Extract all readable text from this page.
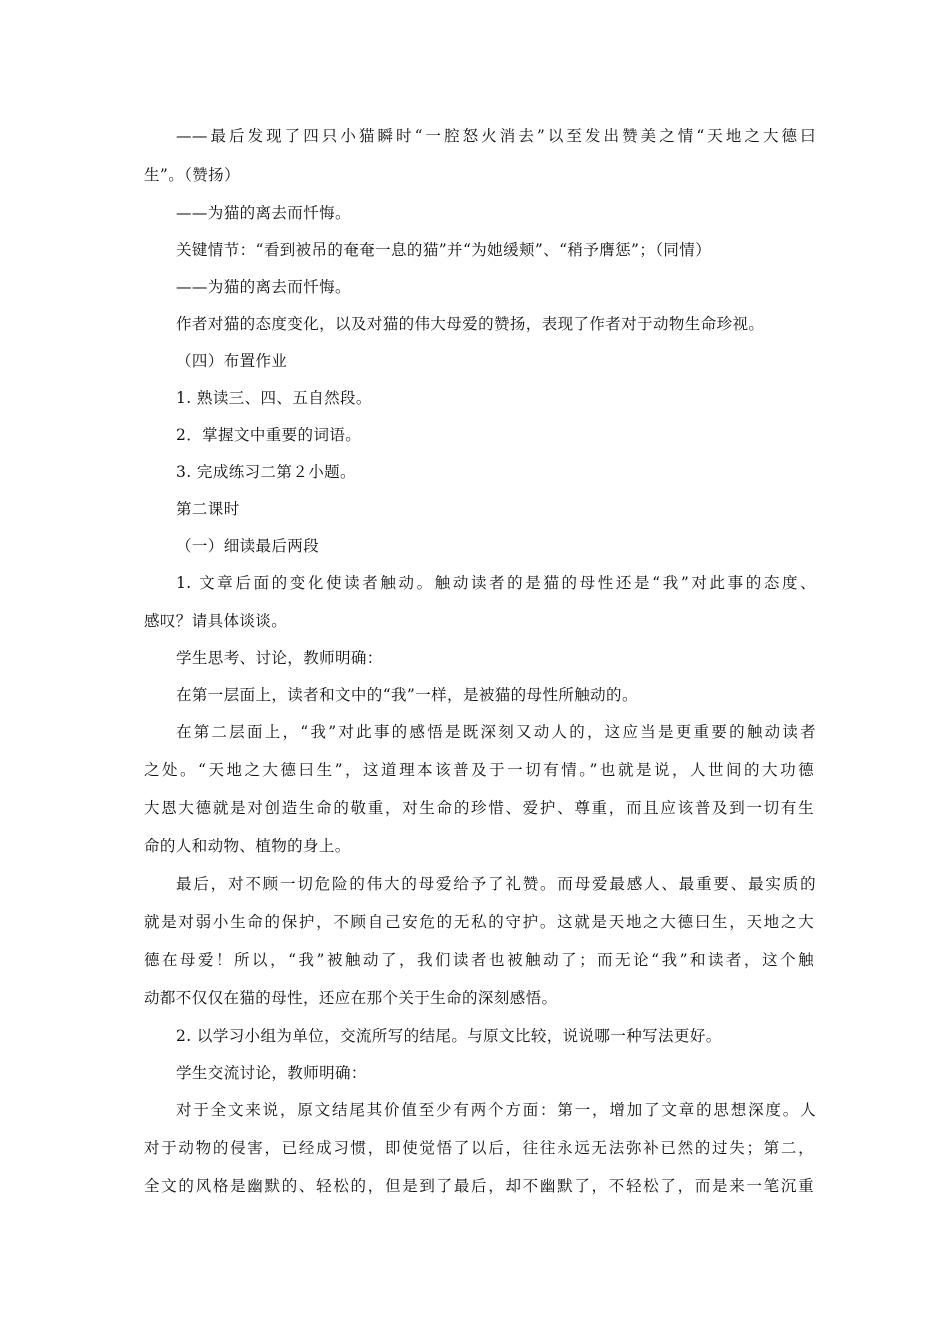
——最后发现了四只小猫瞬时“一腔怒火消去”以至发出赞美之情“天地之大德曰
生”。（赞扬）
——为猫的离去而忏悔。
关键情节：“看到被吊的奄奄一息的猫”并“为她缓颊”、“稍予膺惩”；（同情）
——为猫的离去而忏悔。
作者对猫的态度变化，以及对猫的伟大母爱的赞扬，表现了作者对于动物生命珍视。
（四）布置作业
1. 熟读三、四、五自然段。
2．掌握文中重要的词语。
3. 完成练习二第２小题。
第二课时
（一）细读最后两段
1. 文章后面的变化使读者触动。触动读者的是猫的母性还是“我”对此事的态度、
感叹？请具体谈谈。
学生思考、讨论，教师明确：
在第一层面上，读者和文中的“我”一样，是被猫的母性所触动的。
在第二层面上，“我”对此事的感悟是既深刻又动人的，这应当是更重要的触动读者
之处。“天地之大德曰生”，这道理本该普及于一切有情。”也就是说，人世间的大功德
大恩大德就是对创造生命的敬重，对生命的珍惜、爱护、尊重，而且应该普及到一切有生
命的人和动物、植物的身上。
最后，对不顾一切危险的伟大的母爱给予了礼赞。而母爱最感人、最重要、最实质的
就是对弱小生命的保护，不顾自己安危的无私的守护。这就是天地之大德曰生，天地之大
德在母爱！所以，“我”被触动了，我们读者也被触动了；而无论“我”和读者，这个触
动都不仅仅在猫的母性，还应在那个关于生命的深刻感悟。
2. 以学习小组为单位，交流所写的结尾。与原文比较，说说哪一种写法更好。
学生交流讨论，教师明确：
对于全文来说，原文结尾其价值至少有两个方面：第一，增加了文章的思想深度。人
对于动物的侵害，已经成习惯，即使觉悟了以后，往往永远无法弥补已然的过失；第二，
全文的风格是幽默的、轻松的，但是到了最后，却不幽默了，不轻松了，而是来一笔沉重
